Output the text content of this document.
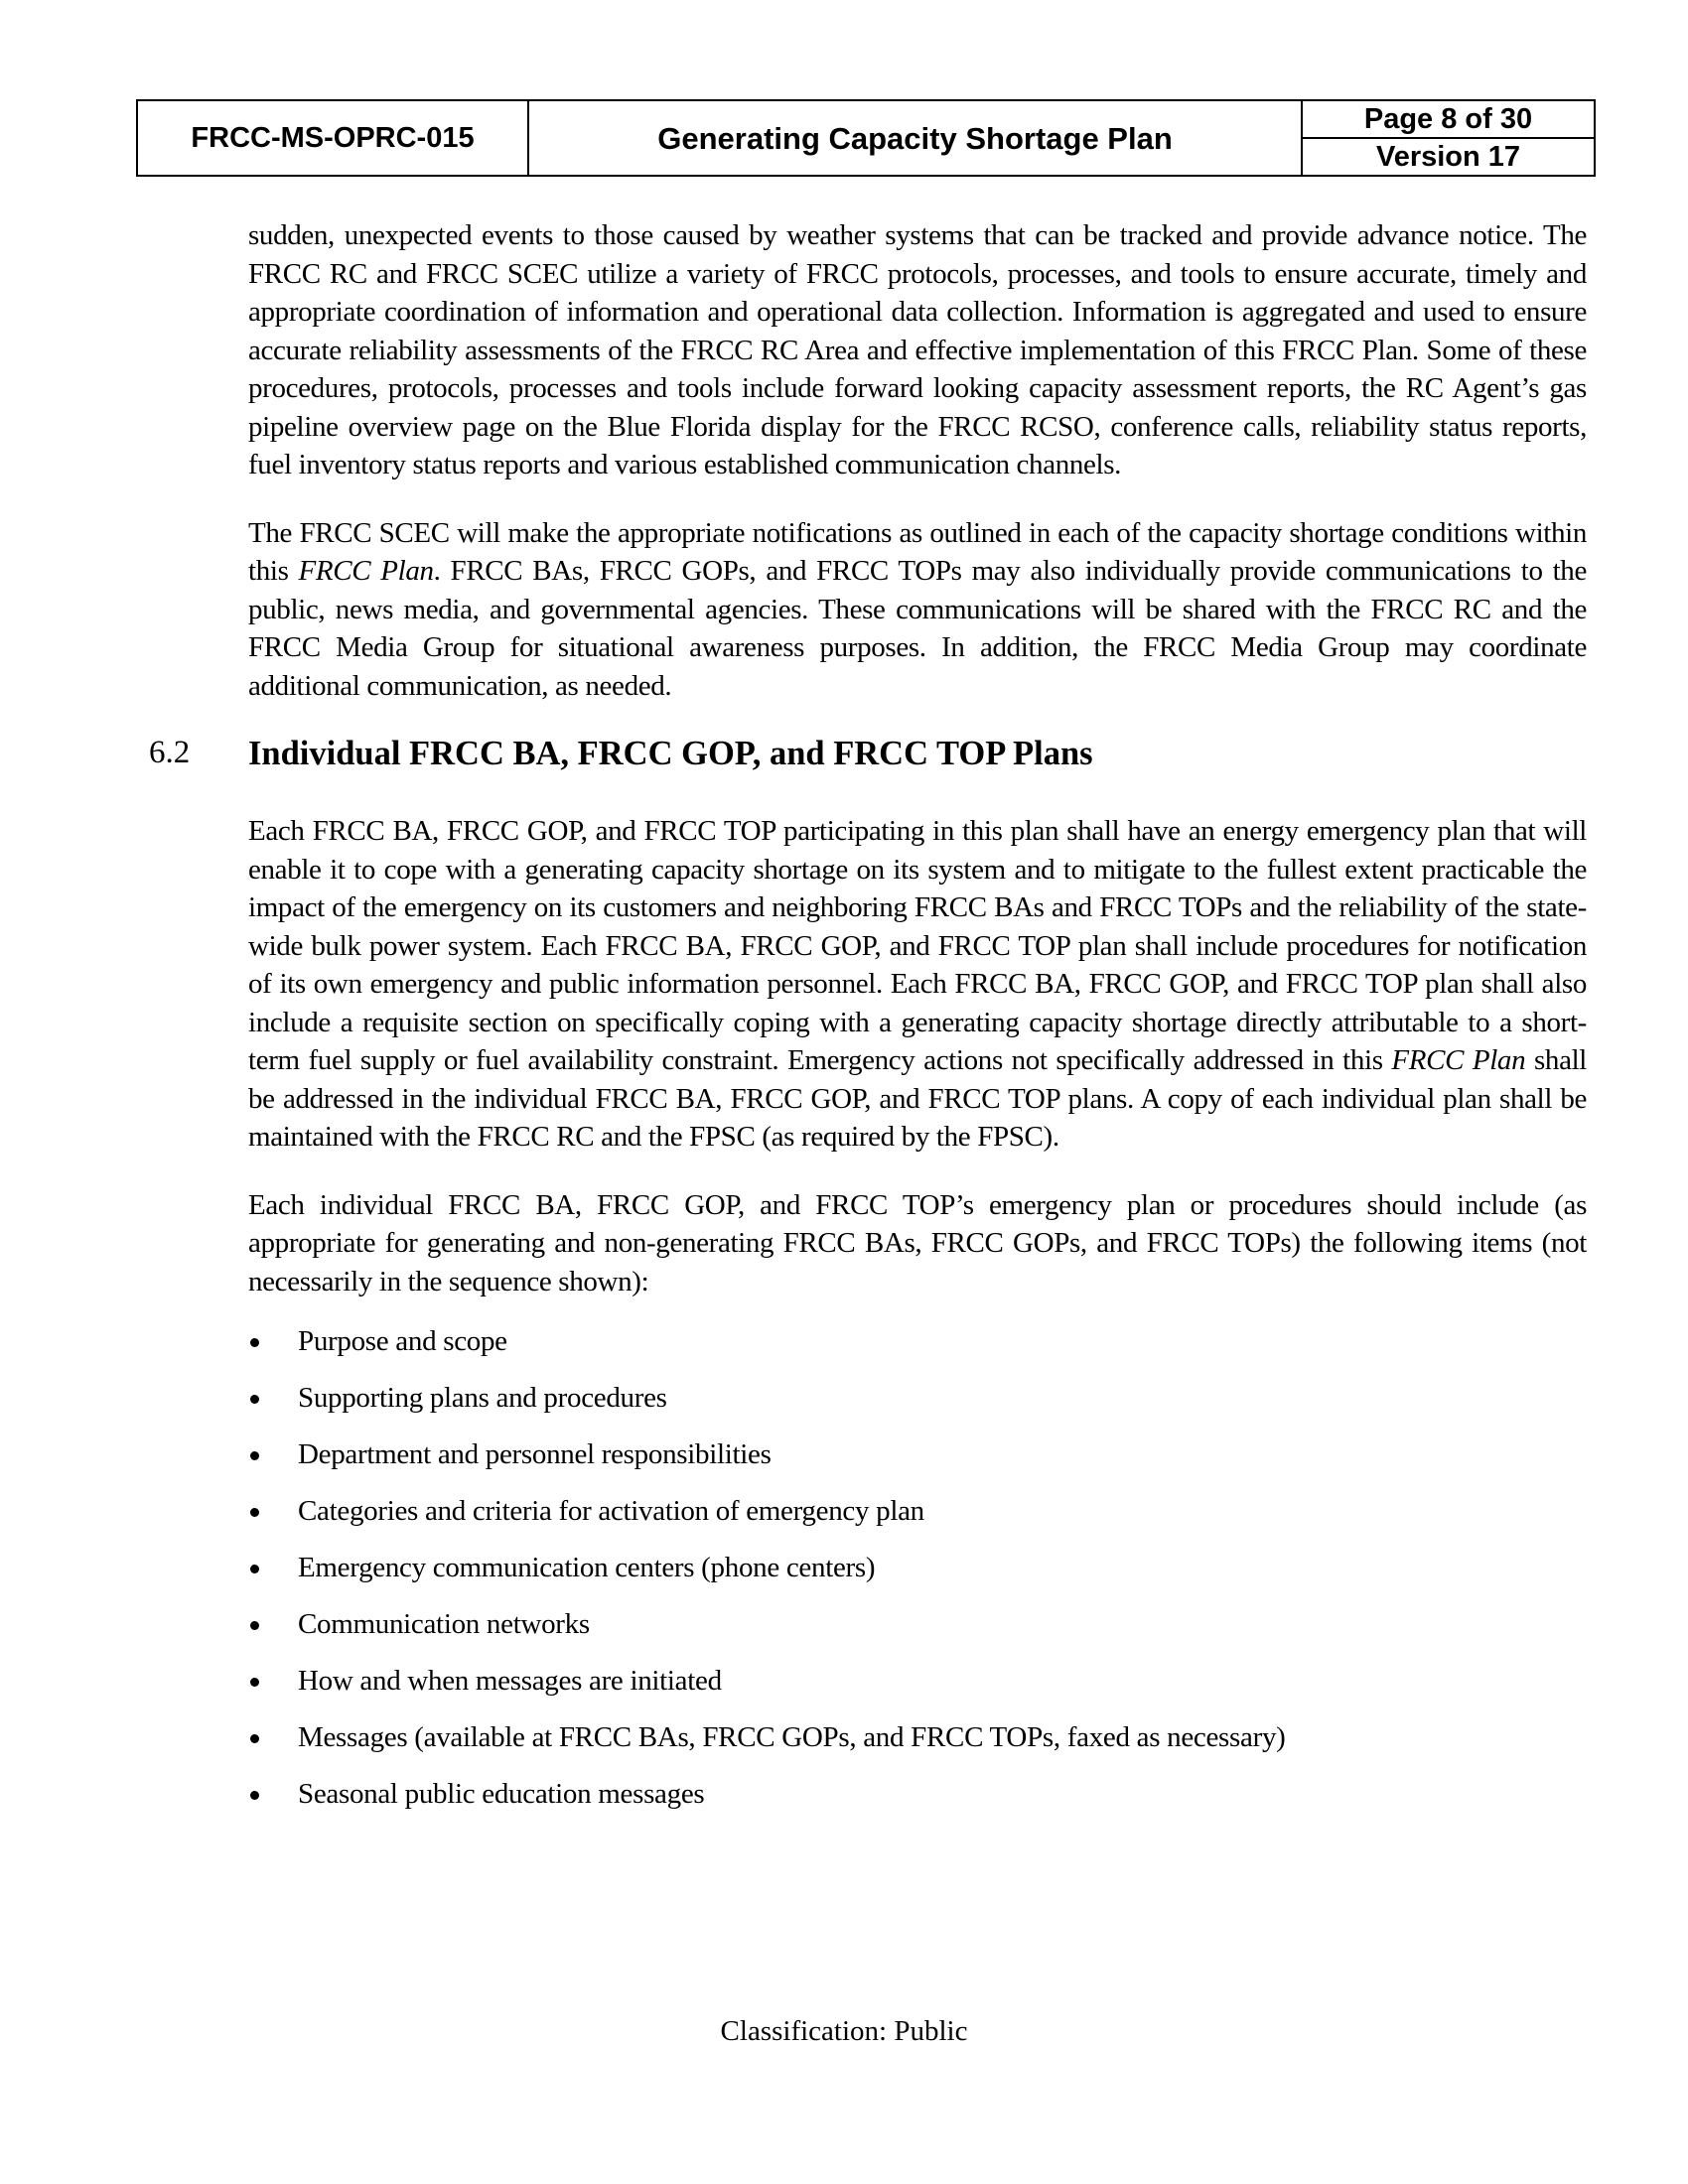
FRCC-MS-OPRC-015	Generating Capacity Shortage Plan
Page 8 of 30
Version 17

sudden, unexpected events to those caused by weather systems that can be tracked and provide advance notice. The FRCC RC and FRCC SCEC utilize a variety of FRCC protocols, processes, and tools to ensure accurate, timely and appropriate coordination of information and operational data collection. Information is aggregated and used to ensure accurate reliability assessments of the FRCC RC Area and effective implementation of this FRCC Plan. Some of these procedures, protocols, processes and tools include forward looking capacity assessment reports, the RC Agent’s gas pipeline overview page on the Blue Florida display for the FRCC RCSO, conference calls, reliability status reports, fuel inventory status reports and various established communication channels.

The FRCC SCEC will make the appropriate notifications as outlined in each of the capacity shortage conditions within this FRCC Plan. FRCC BAs, FRCC GOPs, and FRCC TOPs may also individually provide communications to the public, news media, and governmental agencies. These communications will be shared with the FRCC RC and the FRCC Media Group for situational awareness purposes. In addition, the FRCC Media Group may coordinate additional communication, as needed.

6.2 Individual FRCC BA, FRCC GOP, and FRCC TOP Plans

Each FRCC BA, FRCC GOP, and FRCC TOP participating in this plan shall have an energy emergency plan that will enable it to cope with a generating capacity shortage on its system and to mitigate to the fullest extent practicable the impact of the emergency on its customers and neighboring FRCC BAs and FRCC TOPs and the reliability of the state-wide bulk power system. Each FRCC BA, FRCC GOP, and FRCC TOP plan shall include procedures for notification of its own emergency and public information personnel. Each FRCC BA, FRCC GOP, and FRCC TOP plan shall also include a requisite section on specifically coping with a generating capacity shortage directly attributable to a short-term fuel supply or fuel availability constraint. Emergency actions not specifically addressed in this FRCC Plan shall be addressed in the individual FRCC BA, FRCC GOP, and FRCC TOP plans. A copy of each individual plan shall be maintained with the FRCC RC and the FPSC (as required by the FPSC).

Each individual FRCC BA, FRCC GOP, and FRCC TOP’s emergency plan or procedures should include (as appropriate for generating and non-generating FRCC BAs, FRCC GOPs, and FRCC TOPs) the following items (not necessarily in the sequence shown):

Purpose and scope
Supporting plans and procedures
Department and personnel responsibilities
Categories and criteria for activation of emergency plan
Emergency communication centers (phone centers)
Communication networks
How and when messages are initiated
Messages (available at FRCC BAs, FRCC GOPs, and FRCC TOPs, faxed as necessary)
Seasonal public education messages
Classification: Public
